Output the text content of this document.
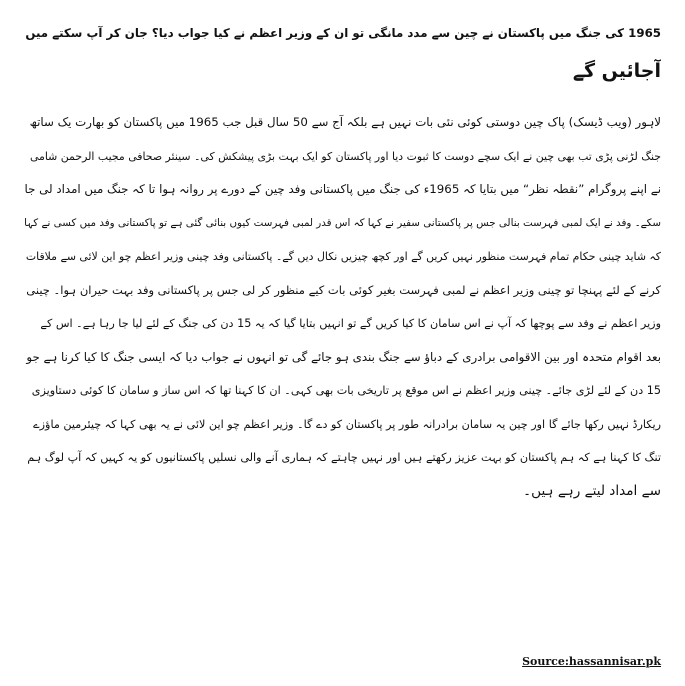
1965 کی جنگ میں پاکستان نے چین سے مدد مانگی تو ان کے وزیر اعظم نے کیا جواب دیا؟ جان کر آپ سکتے میں
آجائیں گے
لاہور (ویب ڈیسک) پاک چین دوستی کوئی نئی بات نہیں ہے بلکہ آج سے 50 سال قبل جب 1965 میں پاکستان کو بھارت یک ساتھ
جنگ لڑنی پڑی تب بھی چین نے ایک سچے دوست کا ثبوت دیا اور پاکستان کو ایک بہت بڑی پیشکش کی۔ سینئر صحافی مجیب الرحمن شامی
نے اپنے پروگرام ”نقطہ نظر“ میں بتایا کہ 1965ء کی جنگ میں پاکستانی وفد چین کے دورے پر روانہ ہوا تا کہ جنگ میں امداد لی جا
سکے۔ وفد نے ایک لمبی فہرست بنالی جس پر پاکستانی سفیر نے کہا کہ اس قدر لمبی فہرست کیوں بنائی گئی ہے تو پاکستانی وفد میں کسی نے کہا
کہ شاید چینی حکام تمام فہرست منظور نہیں کریں گے اور کچھ چیزیں نکال دیں گے۔ پاکستانی وفد چینی وزیر اعظم چو این لائی سے ملاقات
کرنے کے لئے پہنچا تو چینی وزیر اعظم نے لمبی فہرست بغیر کوئی بات کیے منظور کر لی جس پر پاکستانی وفد بہت حیران ہوا۔ چینی
وزیر اعظم نے وفد سے پوچھا کہ آپ نے اس سامان کا کیا کریں گے تو انہیں بتایا گیا کہ یہ 15 دن کی جنگ کے لئے لیا جا رہا ہے۔ اس کے
بعد اقوام متحدہ اور بین الاقوامی برادری کے دباؤ سے جنگ بندی ہو جائے گی تو انہوں نے جواب دیا کہ ایسی جنگ کا کیا کرنا ہے جو
15 دن کے لئے لڑی جائے۔ چینی وزیر اعظم نے اس موقع پر تاریخی بات بھی کہی۔ ان کا کہنا تھا کہ اس ساز و سامان کا کوئی دستاویزی
ریکارڈ نہیں رکھا جائے گا اور چین یہ سامان برادرانہ طور پر پاکستان کو دے گا۔ وزیر اعظم چو این لائی نے یہ بھی کہا کہ چیئرمین ماؤزے
تنگ کا کہنا ہے کہ ہم پاکستان کو بہت عزیز رکھتے ہیں اور نہیں چاہتے کہ ہماری آنے والی نسلیں پاکستانیوں کو یہ کہیں کہ آپ لوگ ہم
سے امداد لیتے رہے ہیں۔
Source:hassannisar.pk
